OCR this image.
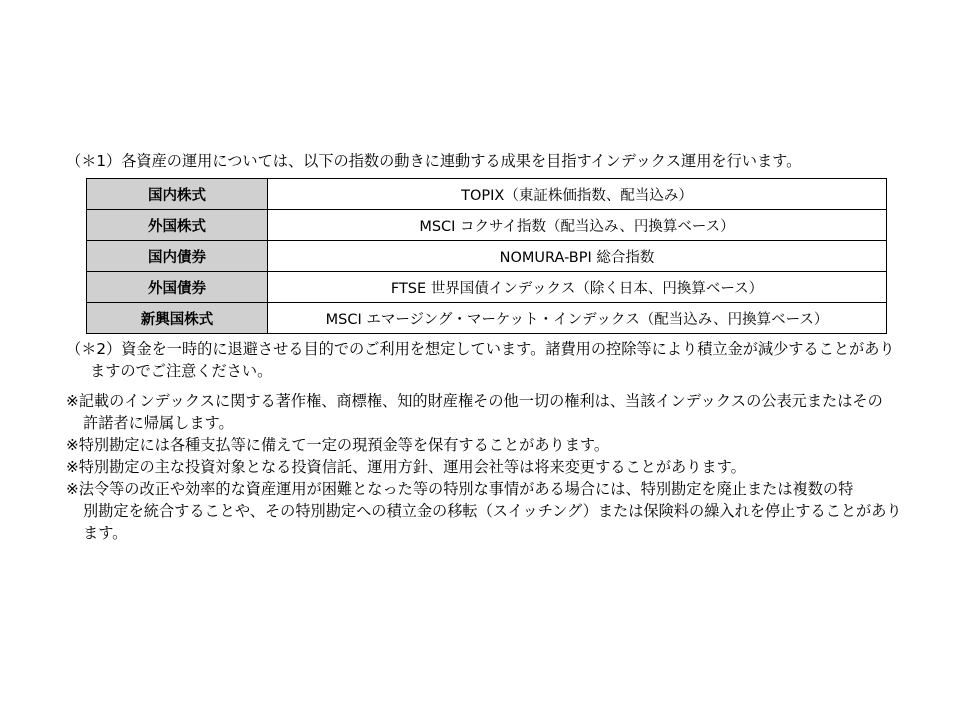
（＊1）各資産の運用については、以下の指数の動きに連動する成果を目指すインデックス運用を行います。
国内株式	TOPIX（東証株価指数、配当込み）
外国株式	MSCI コクサイ指数（配当込み、円換算ベース）
国内債券	NOMURA-BPI 総合指数
外国債券	FTSE 世界国債インデックス（除く日本、円換算ベース）
新興国株式	MSCI エマージング・マーケット・インデックス（配当込み、円換算ベース）
（＊2）資金を一時的に退避させる目的でのご利用を想定しています。諸費用の控除等により積立金が減少することがあり
ますのでご注意ください。
※記載のインデックスに関する著作権、商標権、知的財産権その他一切の権利は、当該インデックスの公表元またはその
許諾者に帰属します。
※特別勘定には各種支払等に備えて一定の現預金等を保有することがあります。
※特別勘定の主な投資対象となる投資信託、運用方針、運用会社等は将来変更することがあります。
※法令等の改正や効率的な資産運用が困難となった等の特別な事情がある場合には、特別勘定を廃止または複数の特
別勘定を統合することや、その特別勘定への積立金の移転（スイッチング）または保険料の繰入れを停止することがあり
ます。
